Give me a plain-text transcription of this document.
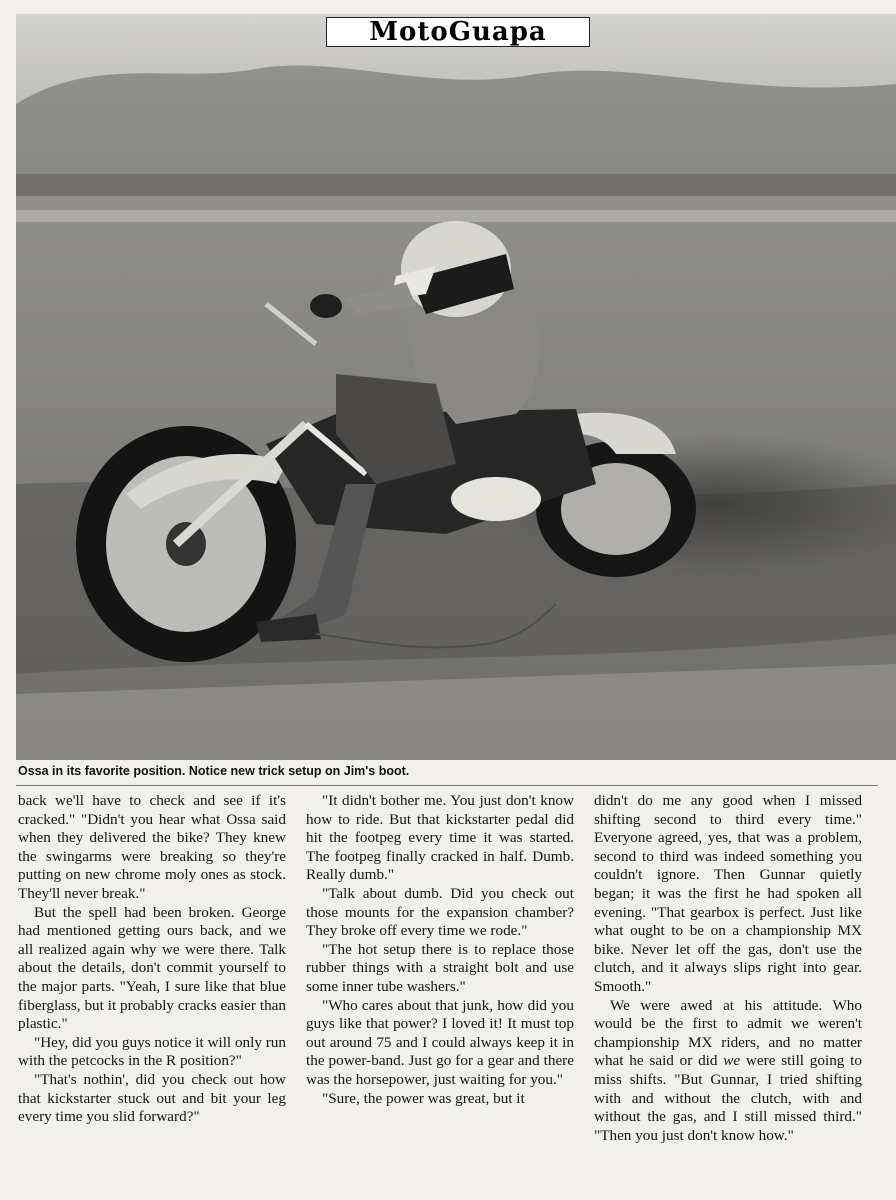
MotoGuapa
Ossa in its favorite position. Notice new trick setup on Jim's boot.

back we'll have to check and see if it's cracked." "Didn't you hear what Ossa said when they delivered the bike? They knew the swingarms were breaking so they're putting on new chrome moly ones as stock. They'll never break."

But the spell had been broken. George had mentioned getting ours back, and we all realized again why we were there. Talk about the details, don't commit yourself to the major parts. "Yeah, I sure like that blue fiberglass, but it probably cracks easier than plastic."

"Hey, did you guys notice it will only run with the petcocks in the R position?"

"That's nothin', did you check out how that kickstarter stuck out and bit your leg every time you slid forward?"

"It didn't bother me. You just don't know how to ride. But that kickstarter pedal did hit the footpeg every time it was started. The footpeg finally cracked in half. Dumb. Really dumb."

"Talk about dumb. Did you check out those mounts for the expansion chamber? They broke off every time we rode."

"The hot setup there is to replace those rubber things with a straight bolt and use some inner tube washers."

"Who cares about that junk, how did you guys like that power? I loved it! It must top out around 75 and I could always keep it in the power-band. Just go for a gear and there was the horsepower, just waiting for you."

"Sure, the power was great, but it

didn't do me any good when I missed shifting second to third every time." Everyone agreed, yes, that was a problem, second to third was indeed something you couldn't ignore. Then Gunnar quietly began; it was the first he had spoken all evening. "That gearbox is perfect. Just like what ought to be on a championship MX bike. Never let off the gas, don't use the clutch, and it always slips right into gear. Smooth."

We were awed at his attitude. Who would be the first to admit we weren't championship MX riders, and no matter what he said or did we were still going to miss shifts. "But Gunnar, I tried shifting with and without the clutch, with and without the gas, and I still missed third." "Then you just don't know how."
